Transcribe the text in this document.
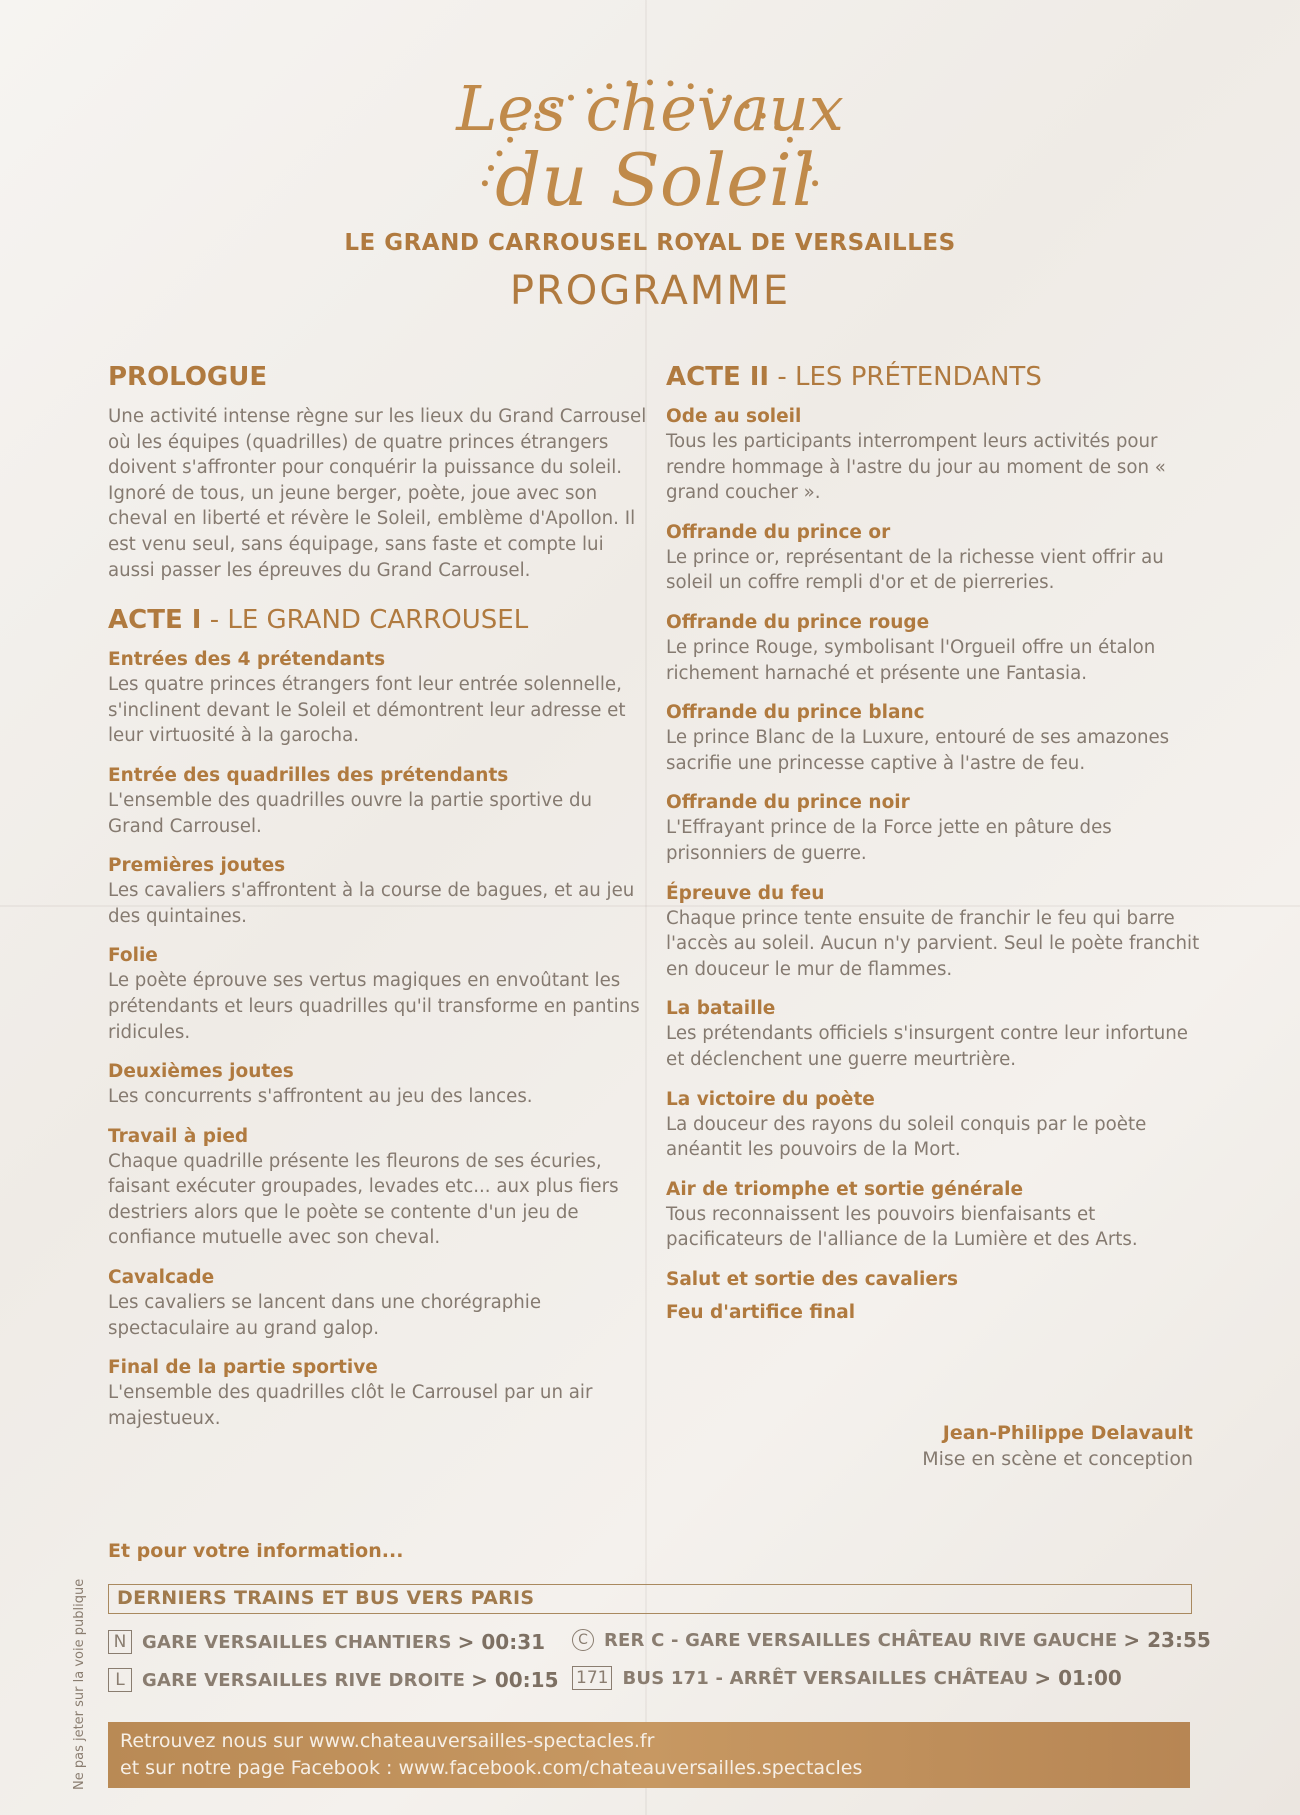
Les chevaux
du Soleil
LE GRAND CARROUSEL ROYAL DE VERSAILLES
PROGRAMME
PROLOGUE
Une activité intense règne sur les lieux du Grand Carrousel où les équipes (quadrilles) de quatre princes étrangers doivent s'affronter pour conquérir la puissance du soleil. Ignoré de tous, un jeune berger, poète, joue avec son cheval en liberté et révère le Soleil, emblème d'Apollon. Il est venu seul, sans équipage, sans faste et compte lui aussi passer les épreuves du Grand Carrousel.
ACTE I - LE GRAND CARROUSEL
Entrées des 4 prétendants
Les quatre princes étrangers font leur entrée solennelle, s'inclinent devant le Soleil et démontrent leur adresse et leur virtuosité à la garocha.
Entrée des quadrilles des prétendants
L'ensemble des quadrilles ouvre la partie sportive du Grand Carrousel.
Premières joutes
Les cavaliers s'affrontent à la course de bagues, et au jeu des quintaines.
Folie
Le poète éprouve ses vertus magiques en envoûtant les prétendants et leurs quadrilles qu'il transforme en pantins ridicules.
Deuxièmes joutes
Les concurrents s'affrontent au jeu des lances.
Travail à pied
Chaque quadrille présente les fleurons de ses écuries, faisant exécuter groupades, levades etc... aux plus fiers destriers alors que le poète se contente d'un jeu de confiance mutuelle avec son cheval.
Cavalcade
Les cavaliers se lancent dans une chorégraphie spectaculaire au grand galop.
Final de la partie sportive
L'ensemble des quadrilles clôt le Carrousel par un air majestueux.
ACTE II - LES PRÉTENDANTS
Ode au soleil
Tous les participants interrompent leurs activités pour rendre hommage à l'astre du jour au moment de son « grand coucher ».
Offrande du prince or
Le prince or, représentant de la richesse vient offrir au soleil un coffre rempli d'or et de pierreries.
Offrande du prince rouge
Le prince Rouge, symbolisant l'Orgueil offre un étalon richement harnaché et présente une Fantasia.
Offrande du prince blanc
Le prince Blanc de la Luxure, entouré de ses amazones sacrifie une princesse captive à l'astre de feu.
Offrande du prince noir
L'Effrayant prince de la Force jette en pâture des prisonniers de guerre.
Épreuve du feu
Chaque prince tente ensuite de franchir le feu qui barre l'accès au soleil. Aucun n'y parvient. Seul le poète franchit en douceur le mur de flammes.
La bataille
Les prétendants officiels s'insurgent contre leur infortune et déclenchent une guerre meurtrière.
La victoire du poète
La douceur des rayons du soleil conquis par le poète anéantit les pouvoirs de la Mort.
Air de triomphe et sortie générale
Tous reconnaissent les pouvoirs bienfaisants et pacificateurs de l'alliance de la Lumière et des Arts.
Salut et sortie des cavaliers
Feu d'artifice final
Jean-Philippe Delavault
Mise en scène et conception
Et pour votre information...
DERNIERS TRAINS ET BUS VERS PARIS
N GARE VERSAILLES CHANTIERS > 00:31	C RER C - GARE VERSAILLES CHÂTEAU RIVE GAUCHE > 23:55
L GARE VERSAILLES RIVE DROITE > 00:15 171 BUS 171 - ARRÊT VERSAILLES CHÂTEAU > 01:00
Retrouvez nous sur www.chateauversailles-spectacles.fr
et sur notre page Facebook : www.facebook.com/chateauversailles.spectacles
Ne pas jeter sur la voie publique
